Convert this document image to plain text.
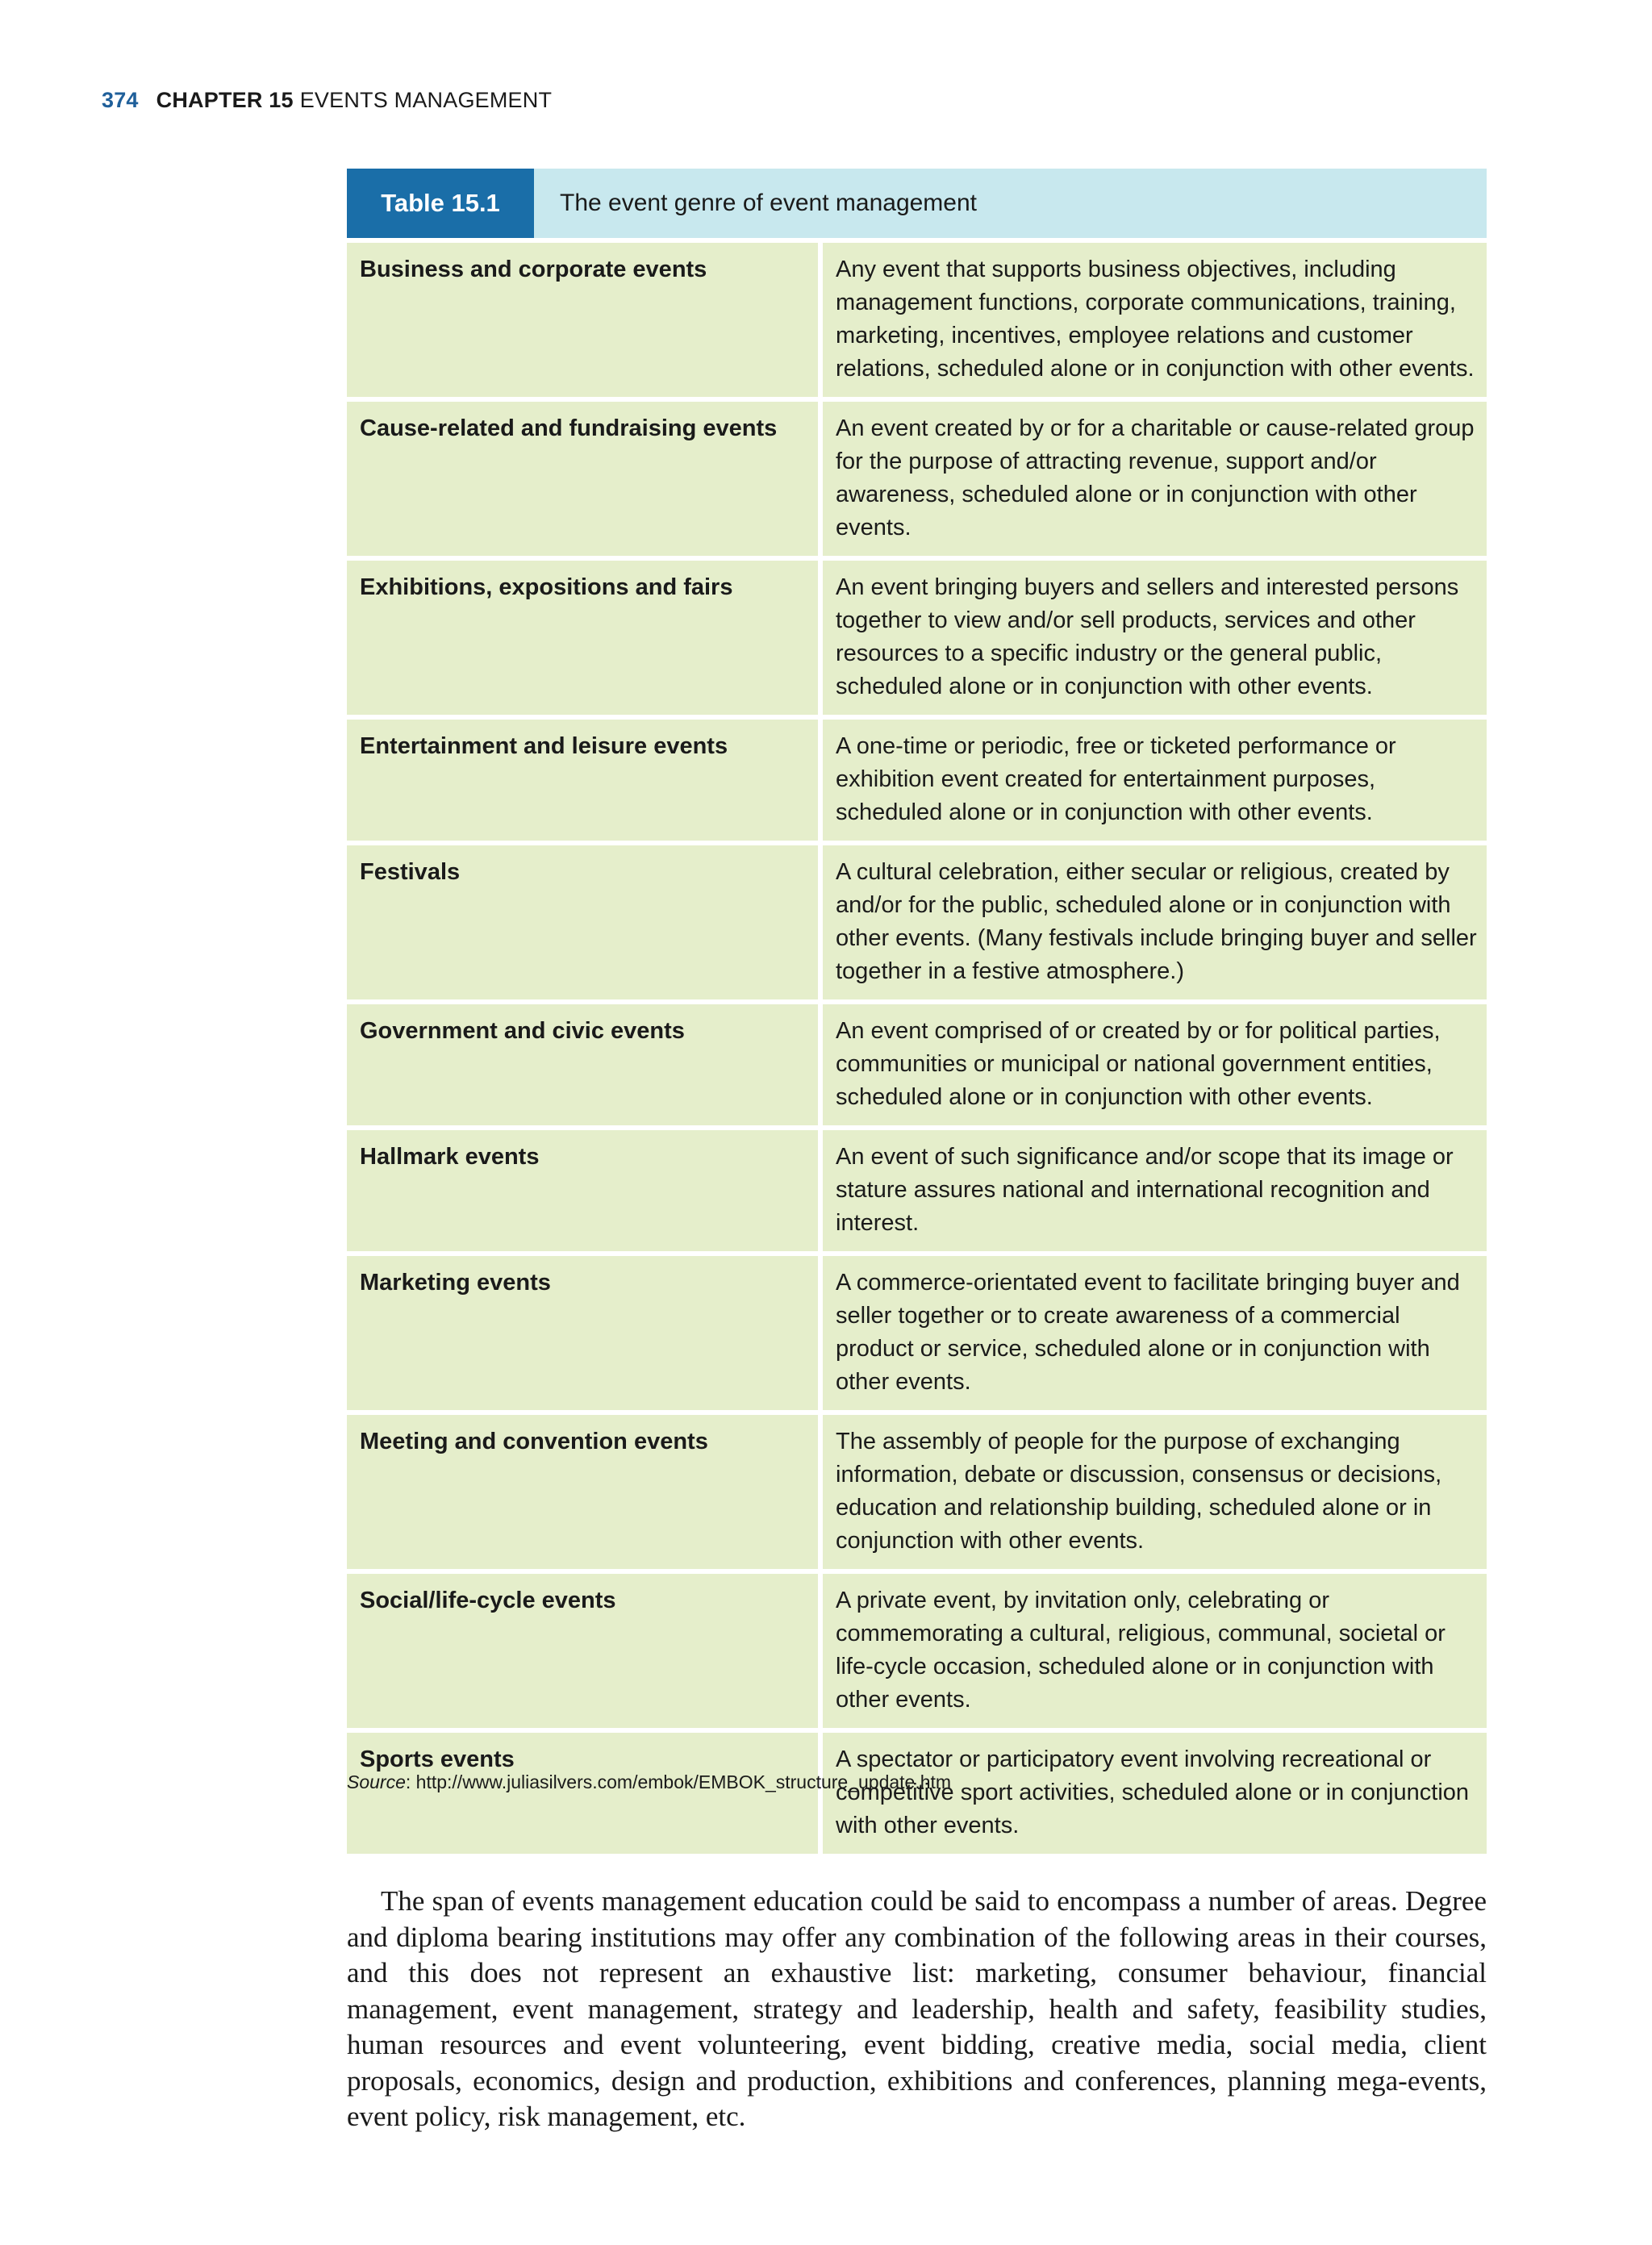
374 CHAPTER 15 EVENTS MANAGEMENT
Table 15.1	The event genre of event management
Business and corporate events	Any event that supports business objectives, including management functions, corporate communications, training, marketing, incentives, employee relations and customer relations, scheduled alone or in conjunction with other events.
Cause-related and fundraising events	An event created by or for a charitable or cause-related group for the purpose of attracting revenue, support and/or awareness, scheduled alone or in conjunction with other events.
Exhibitions, expositions and fairs	An event bringing buyers and sellers and interested persons together to view and/or sell products, services and other resources to a specific industry or the general public, scheduled alone or in conjunction with other events.
Entertainment and leisure events	A one-time or periodic, free or ticketed performance or exhibition event created for entertainment purposes, scheduled alone or in conjunction with other events.
Festivals	A cultural celebration, either secular or religious, created by and/or for the public, scheduled alone or in conjunction with other events. (Many festivals include bringing buyer and seller together in a festive atmosphere.)
Government and civic events	An event comprised of or created by or for political parties, communities or municipal or national government entities, scheduled alone or in conjunction with other events.
Hallmark events	An event of such significance and/or scope that its image or stature assures national and international recognition and interest.
Marketing events	A commerce-orientated event to facilitate bringing buyer and seller together or to create awareness of a commercial product or service, scheduled alone or in conjunction with other events.
Meeting and convention events	The assembly of people for the purpose of exchanging information, debate or discussion, consensus or decisions, education and relationship building, scheduled alone or in conjunction with other events.
Social/life-cycle events	A private event, by invitation only, celebrating or commemorating a cultural, religious, communal, societal or life-cycle occasion, scheduled alone or in conjunction with other events.
Sports events	A spectator or participatory event involving recreational or competitive sport activities, scheduled alone or in conjunction with other events.
Source: http://www.juliasilvers.com/embok/EMBOK_structure_update.htm

The span of events management education could be said to encompass a number of areas. Degree and diploma bearing institutions may offer any combination of the following areas in their courses, and this does not represent an exhaustive list: marketing, consumer behaviour, financial management, event management, strategy and leadership, health and safety, feasibility studies, human resources and event volunteering, event bidding, creative media, social media, client proposals, economics, design and production, exhibitions and conferences, planning mega-events, event policy, risk management, etc.
